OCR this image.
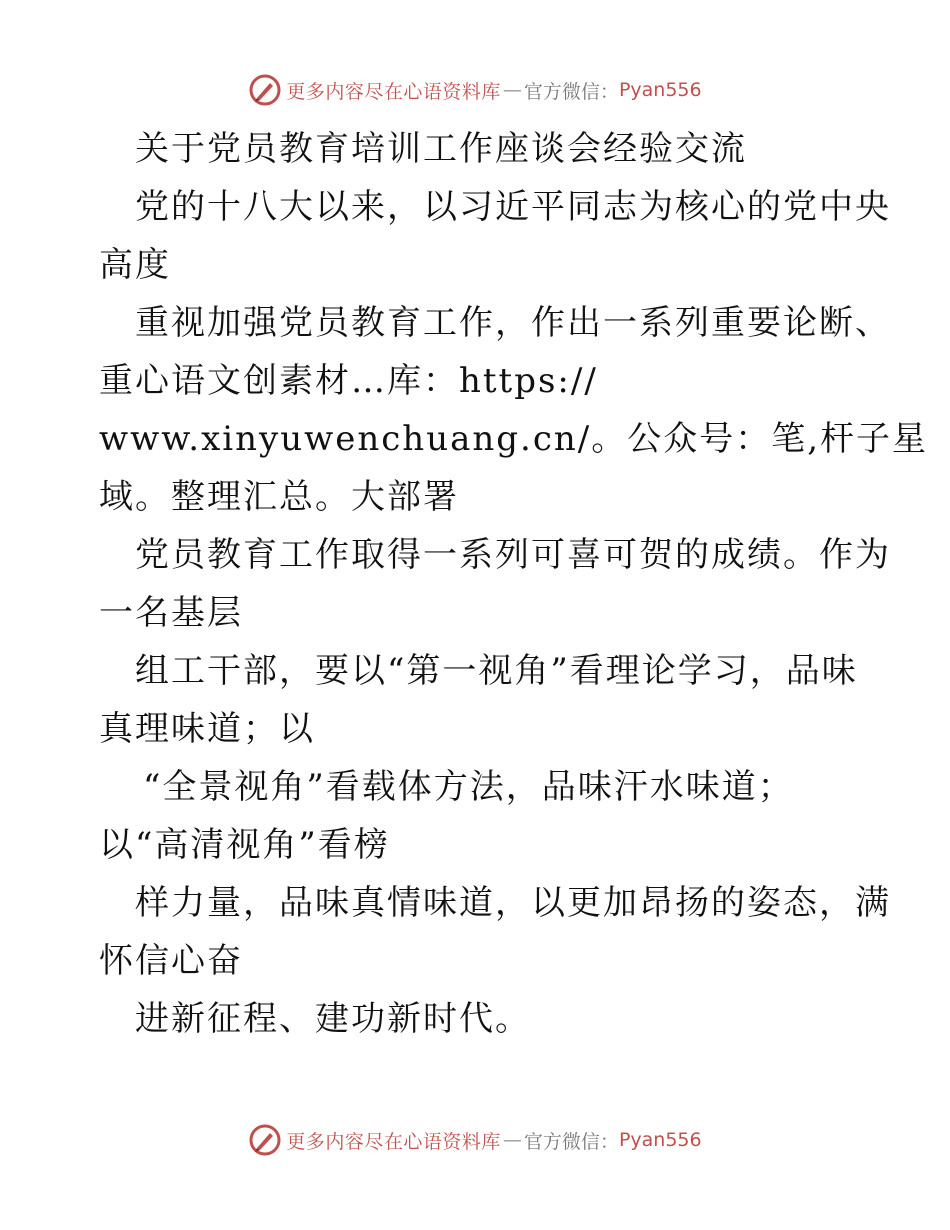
更多内容尽在心语资料库 — 官方微信： Pyan556
关于党员教育培训工作座谈会经验交流
党的十八大以来，以习近平同志为核心的党中央
高度
重视加强党员教育工作，作出一系列重要论断、
重心语文创素材…库：https://
www.xinyuwenchuang.cn/。公众号：笔,杆子星
域。整理汇总。大部署
党员教育工作取得一系列可喜可贺的成绩。作为
一名基层
组工干部，要以“第一视角”看理论学习，品味
真理味道；以
“全景视角”看载体方法，品味汗水味道；
以“高清视角”看榜
样力量，品味真情味道，以更加昂扬的姿态，满
怀信心奋
进新征程、建功新时代。
更多内容尽在心语资料库 — 官方微信： Pyan556
